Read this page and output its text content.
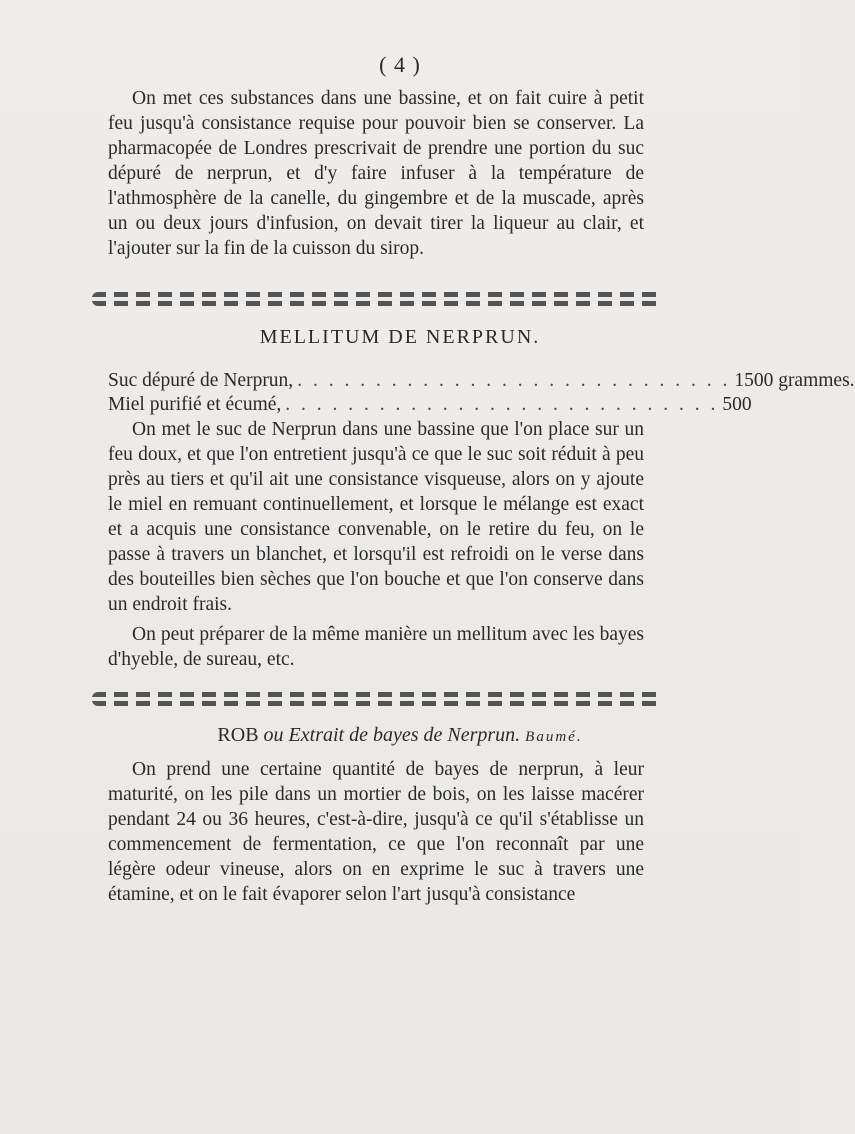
( 4 )

On met ces substances dans une bassine, et on fait cuire à petit feu jusqu'à consistance requise pour pouvoir bien se conserver. La pharmacopée de Londres prescrivait de prendre une portion du suc dépuré de nerprun, et d'y faire infuser à la température de l'athmosphère de la canelle, du gingembre et de la muscade, après un ou deux jours d'infusion, on devait tirer la liqueur au clair, et l'ajouter sur la fin de la cuisson du sirop.

MELLITUM DE NERPRUN.
Suc dépuré de Nerprun, . . . . . . . . . . . . . . . . . . . . . . . . . . . . 1500 grammes.
Miel purifié et écumé, . . . . . . . . . . . . . . . . . . . . . . . . . . . . 500

On met le suc de Nerprun dans une bassine que l'on place sur un feu doux, et que l'on entretient jusqu'à ce que le suc soit réduit à peu près au tiers et qu'il ait une consistance visqueuse, alors on y ajoute le miel en remuant continuellement, et lorsque le mélange est exact et a acquis une consistance convenable, on le retire du feu, on le passe à travers un blanchet, et lorsqu'il est refroidi on le verse dans des bouteilles bien sèches que l'on bouche et que l'on conserve dans un endroit frais.

On peut préparer de la même manière un mellitum avec les bayes d'hyeble, de sureau, etc.

ROB ou Extrait de bayes de Nerprun. Baumé.

On prend une certaine quantité de bayes de nerprun, à leur maturité, on les pile dans un mortier de bois, on les laisse macérer pendant 24 ou 36 heures, c'est-à-dire, jusqu'à ce qu'il s'établisse un commencement de fermentation, ce que l'on reconnaît par une légère odeur vineuse, alors on en exprime le suc à travers une étamine, et on le fait évaporer selon l'art jusqu'à consistance
